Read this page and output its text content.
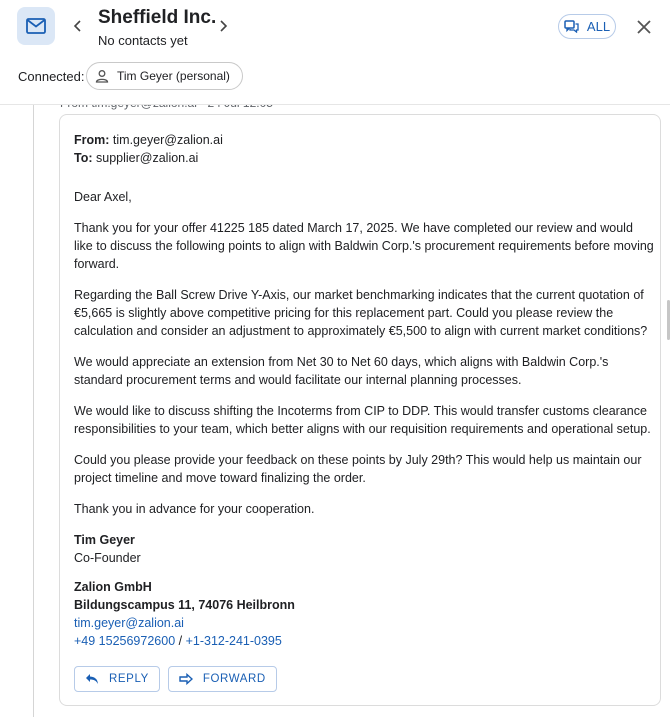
Sheffield Inc.
No contacts yet
ALL
Connected:	Tim Geyer (personal)
From: tim.geyer@zalion.ai
To: supplier@zalion.ai
Dear Axel,
Thank you for your offer 41225 185 dated March 17, 2025. We have completed our review and would like to discuss the following points to align with Baldwin Corp.'s procurement requirements before moving forward.
Regarding the Ball Screw Drive Y-Axis, our market benchmarking indicates that the current quotation of €5,665 is slightly above competitive pricing for this replacement part. Could you please review the calculation and consider an adjustment to approximately €5,500 to align with current market conditions?
We would appreciate an extension from Net 30 to Net 60 days, which aligns with Baldwin Corp.'s standard procurement terms and would facilitate our internal planning processes.
We would like to discuss shifting the Incoterms from CIP to DDP. This would transfer customs clearance responsibilities to your team, which better aligns with our requisition requirements and operational setup.
Could you please provide your feedback on these points by July 29th? This would help us maintain our project timeline and move toward finalizing the order.
Thank you in advance for your cooperation.
Tim Geyer
Co-Founder
Zalion GmbH
Bildungscampus 11, 74076 Heilbronn
tim.geyer@zalion.ai
+49 15256972600 / +1-312-241-0395
REPLY	FORWARD
